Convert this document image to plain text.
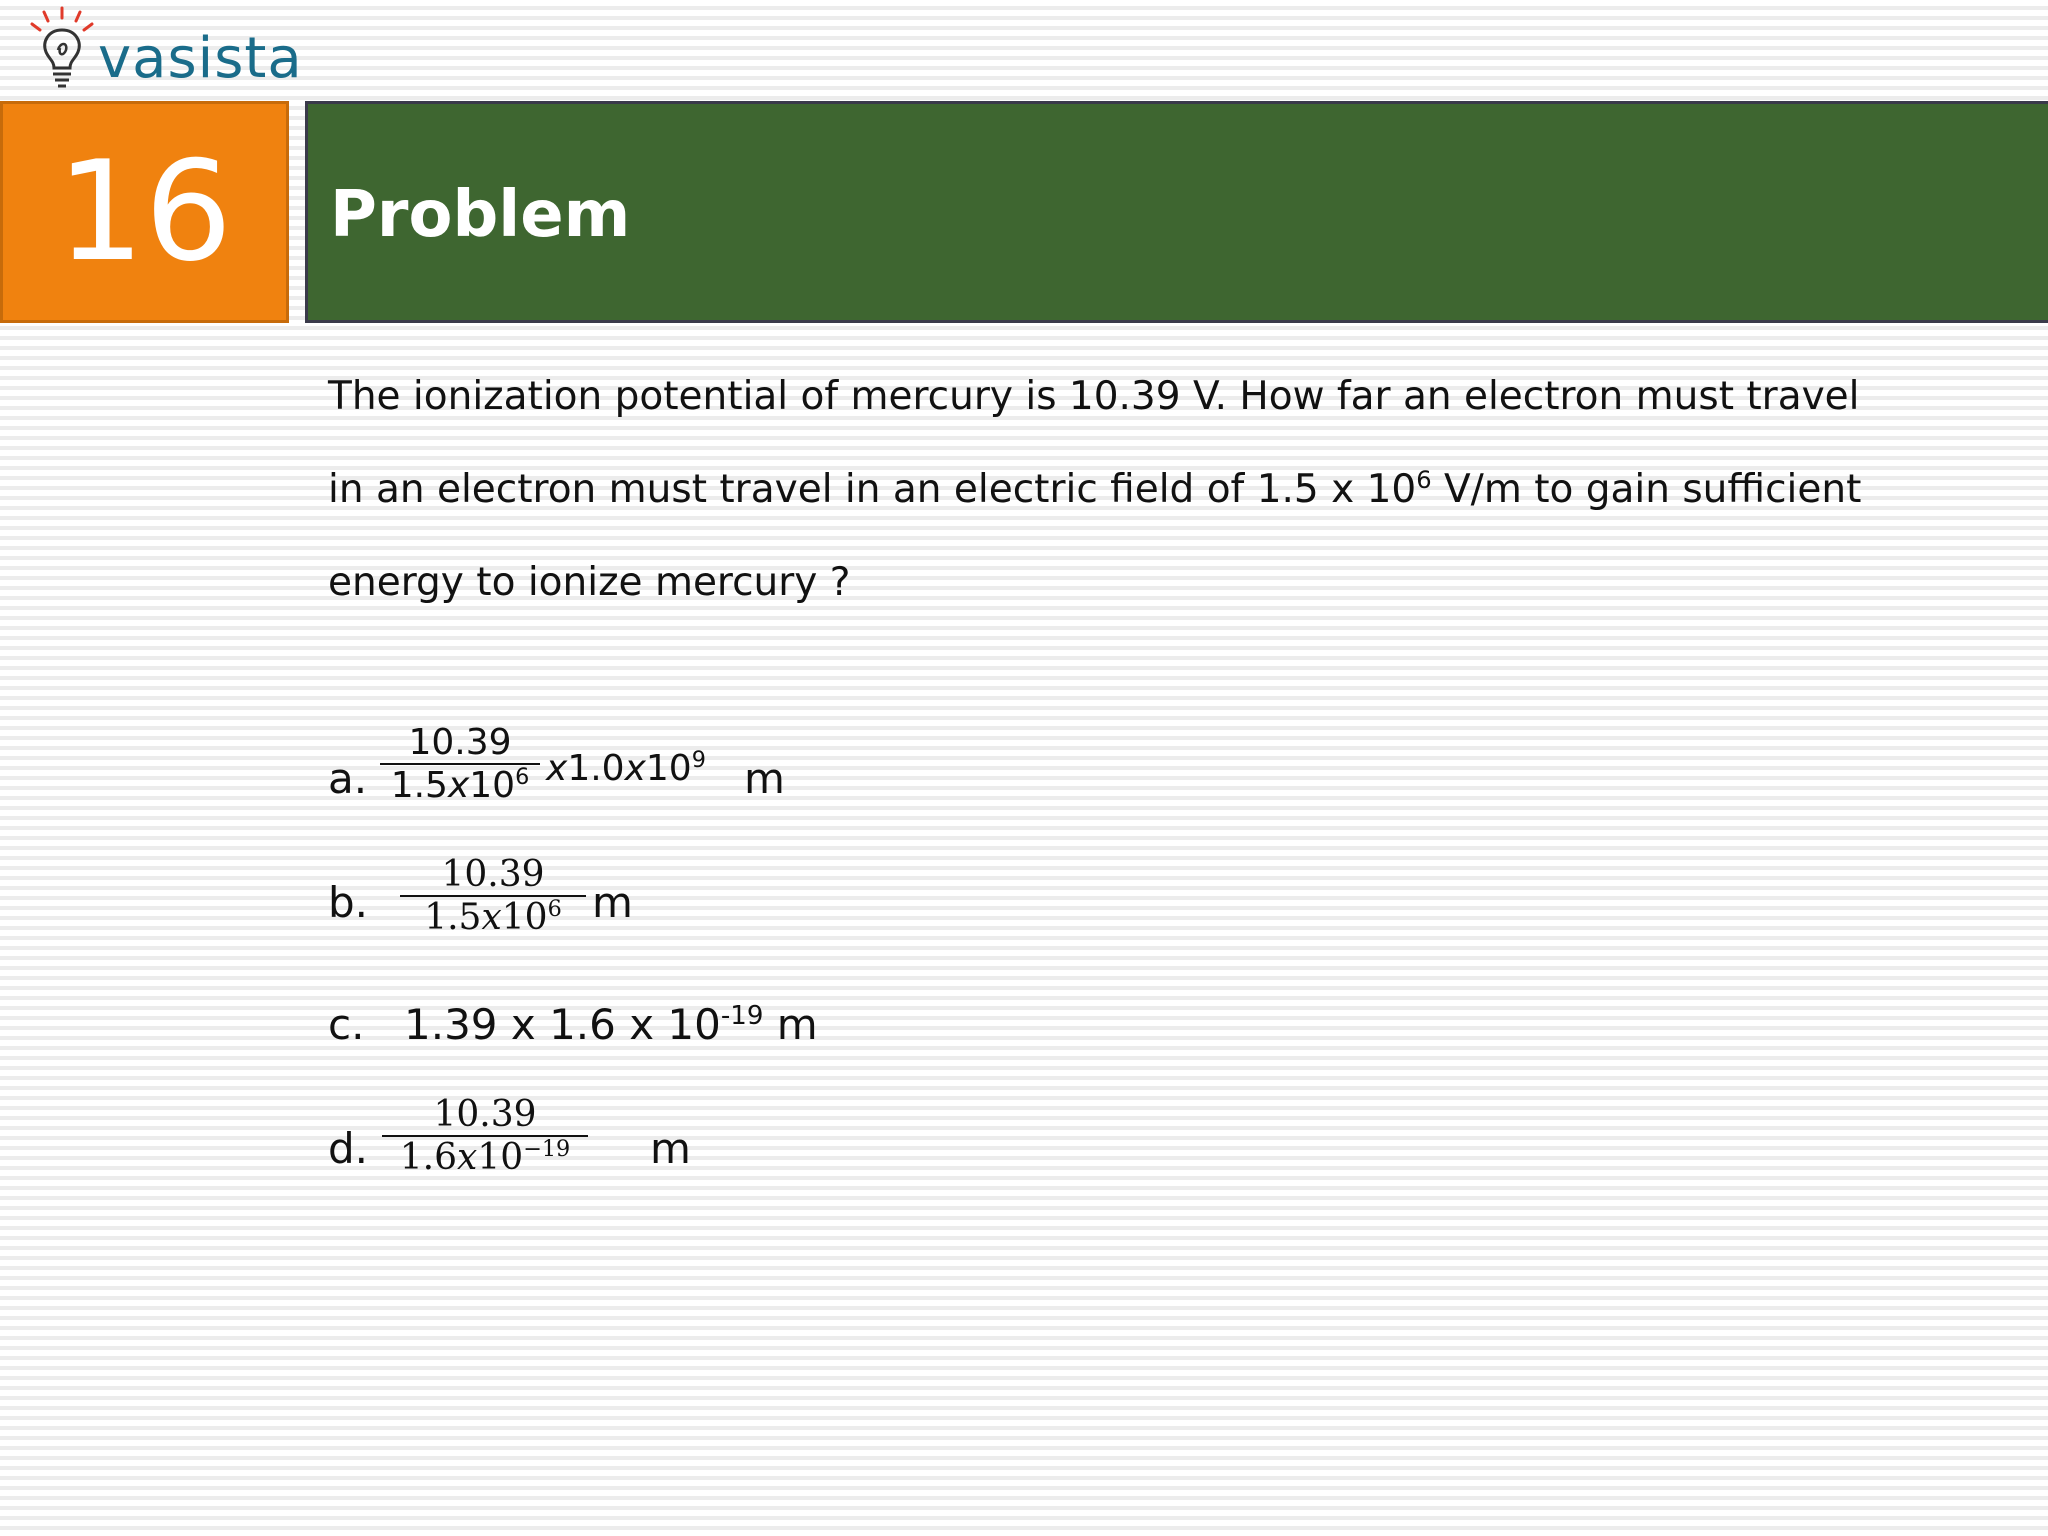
vasista
16 Problem
The ionization potential of mercury is 10.39 V. How far an electron must travel
in an electron must travel in an electric field of 1.5 x $10^6$ V/m to gain sufficient
energy to ionize mercury ?
a.
10.39
$1.5x10^6$ $x1.0x10^9$ m
b.
10.39
$1.5x10^6$ m
c. 1.39 x 1.6 x $10^{-19}$ m
d.
10.39
$1.6x10^{-19}$	m
